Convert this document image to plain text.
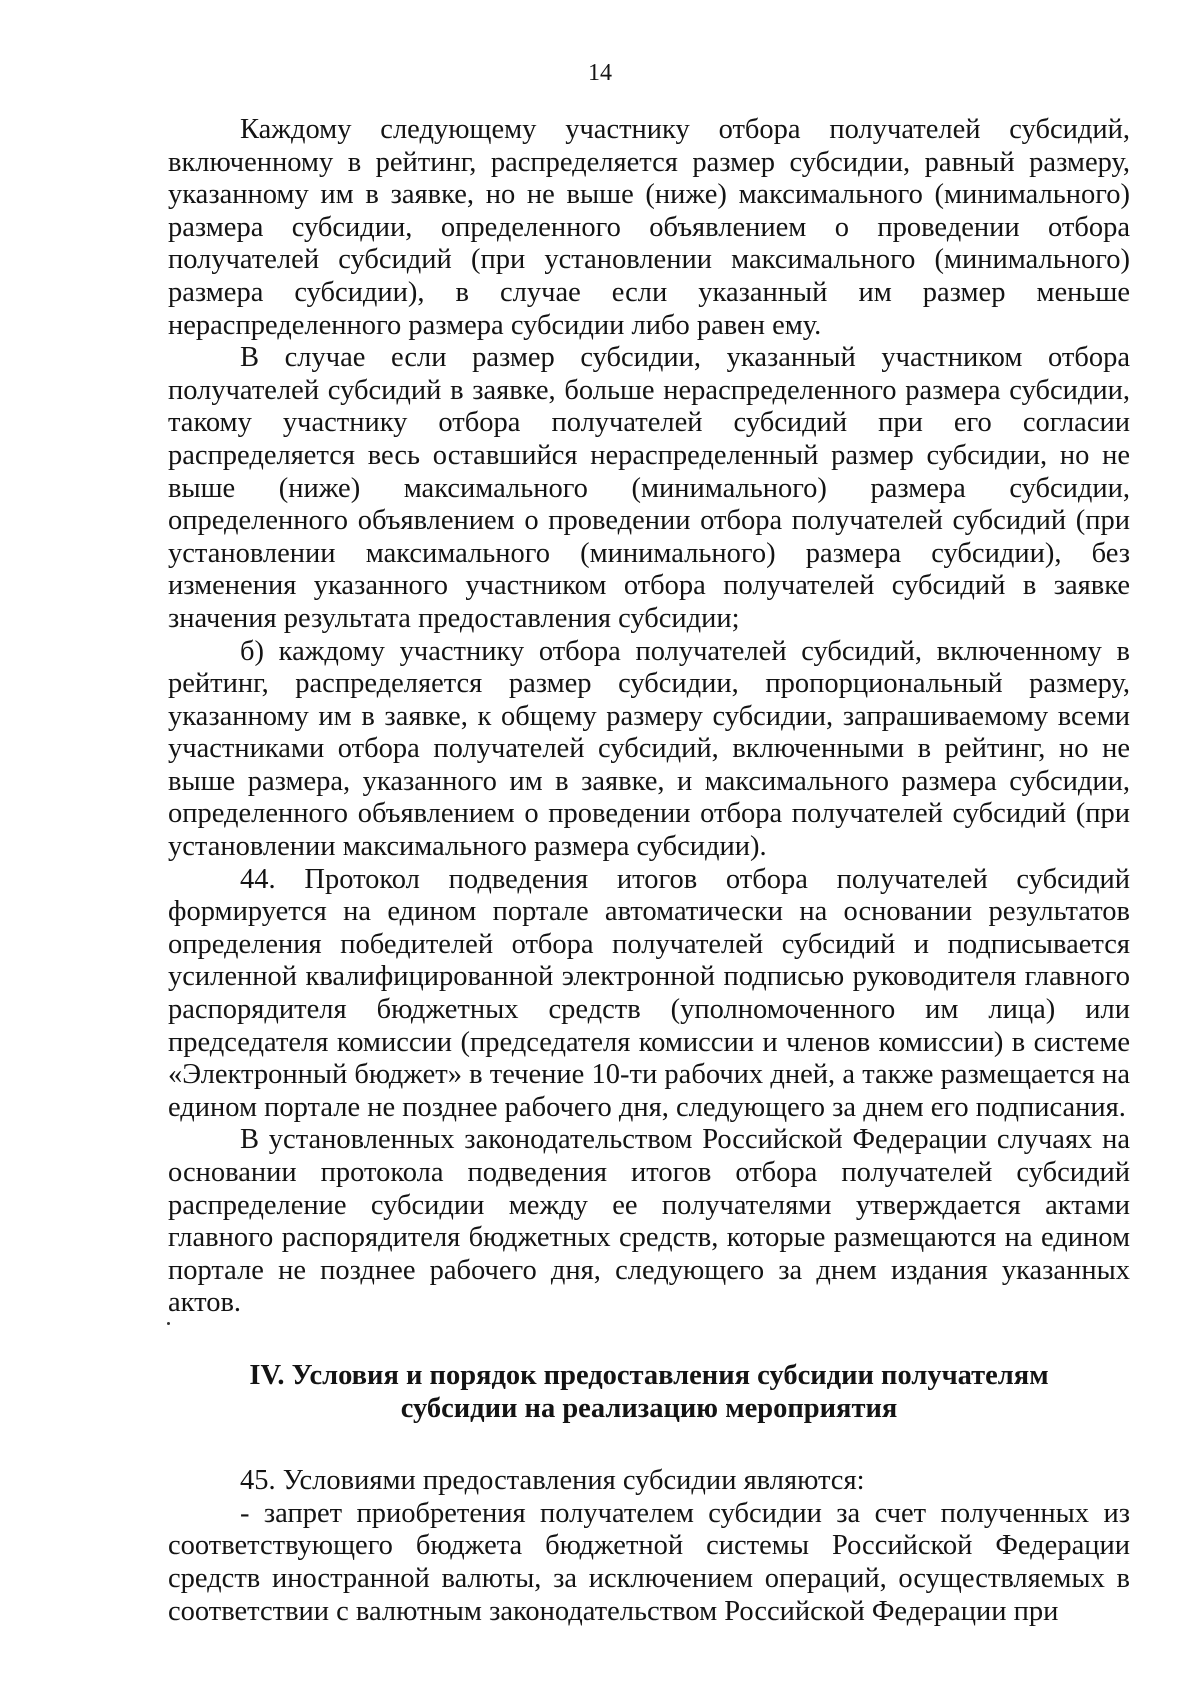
14

Каждому следующему участнику отбора получателей субсидий, включенному в рейтинг, распределяется размер субсидии, равный размеру, указанному им в заявке, но не выше (ниже) максимального (минимального) размера субсидии, определенного объявлением о проведении отбора получателей субсидий (при установлении максимального (минимального) размера субсидии), в случае если указанный им размер меньше нераспределенного размера субсидии либо равен ему.

В случае если размер субсидии, указанный участником отбора получателей субсидий в заявке, больше нераспределенного размера субсидии, такому участнику отбора получателей субсидий при его согласии распределяется весь оставшийся нераспределенный размер субсидии, но не выше (ниже) максимального (минимального) размера субсидии, определенного объявлением о проведении отбора получателей субсидий (при установлении максимального (минимального) размера субсидии), без изменения указанного участником отбора получателей субсидий в заявке значения результата предоставления субсидии;

б) каждому участнику отбора получателей субсидий, включенному в рейтинг, распределяется размер субсидии, пропорциональный размеру, указанному им в заявке, к общему размеру субсидии, запрашиваемому всеми участниками отбора получателей субсидий, включенными в рейтинг, но не выше размера, указанного им в заявке, и максимального размера субсидии, определенного объявлением о проведении отбора получателей субсидий (при установлении максимального размера субсидии).

44. Протокол подведения итогов отбора получателей субсидий формируется на едином портале автоматически на основании результатов определения победителей отбора получателей субсидий и подписывается усиленной квалифицированной электронной подписью руководителя главного распорядителя бюджетных средств (уполномоченного им лица) или председателя комиссии (председателя комиссии и членов комиссии) в системе «Электронный бюджет» в течение 10-ти рабочих дней, а также размещается на едином портале не позднее рабочего дня, следующего за днем его подписания.

В установленных законодательством Российской Федерации случаях на основании протокола подведения итогов отбора получателей субсидий распределение субсидии между ее получателями утверждается актами главного распорядителя бюджетных средств, которые размещаются на едином портале не позднее рабочего дня, следующего за днем издания указанных актов.

IV. Условия и порядок предоставления субсидии получателям
субсидии на реализацию мероприятия

45. Условиями предоставления субсидии являются:

- запрет приобретения получателем субсидии за счет полученных из соответствующего бюджета бюджетной системы Российской Федерации средств иностранной валюты, за исключением операций, осуществляемых в соответствии с валютным законодательством Российской Федерации при
